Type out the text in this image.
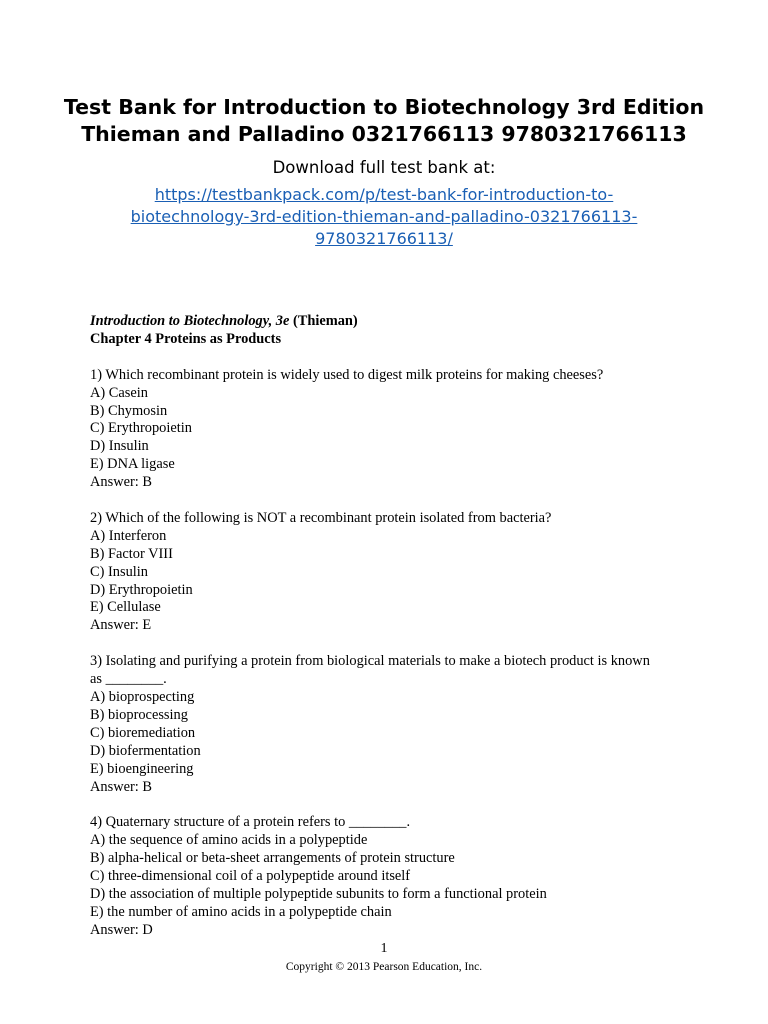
Test Bank for Introduction to Biotechnology 3rd Edition Thieman and Palladino 0321766113 9780321766113
Download full test bank at:
https://testbankpack.com/p/test-bank-for-introduction-to-biotechnology-3rd-edition-thieman-and-palladino-0321766113-9780321766113/
Introduction to Biotechnology, 3e (Thieman)
Chapter 4 Proteins as Products
1) Which recombinant protein is widely used to digest milk proteins for making cheeses?
A) Casein
B) Chymosin
C) Erythropoietin
D) Insulin
E) DNA ligase
Answer: B
2) Which of the following is NOT a recombinant protein isolated from bacteria?
A) Interferon
B) Factor VIII
C) Insulin
D) Erythropoietin
E) Cellulase
Answer: E
3) Isolating and purifying a protein from biological materials to make a biotech product is known
as ________.
A) bioprospecting
B) bioprocessing
C) bioremediation
D) biofermentation
E) bioengineering
Answer: B
4) Quaternary structure of a protein refers to ________.
A) the sequence of amino acids in a polypeptide
B) alpha-helical or beta-sheet arrangements of protein structure
C) three-dimensional coil of a polypeptide around itself
D) the association of multiple polypeptide subunits to form a functional protein
E) the number of amino acids in a polypeptide chain
Answer: D
1
Copyright © 2013 Pearson Education, Inc.
